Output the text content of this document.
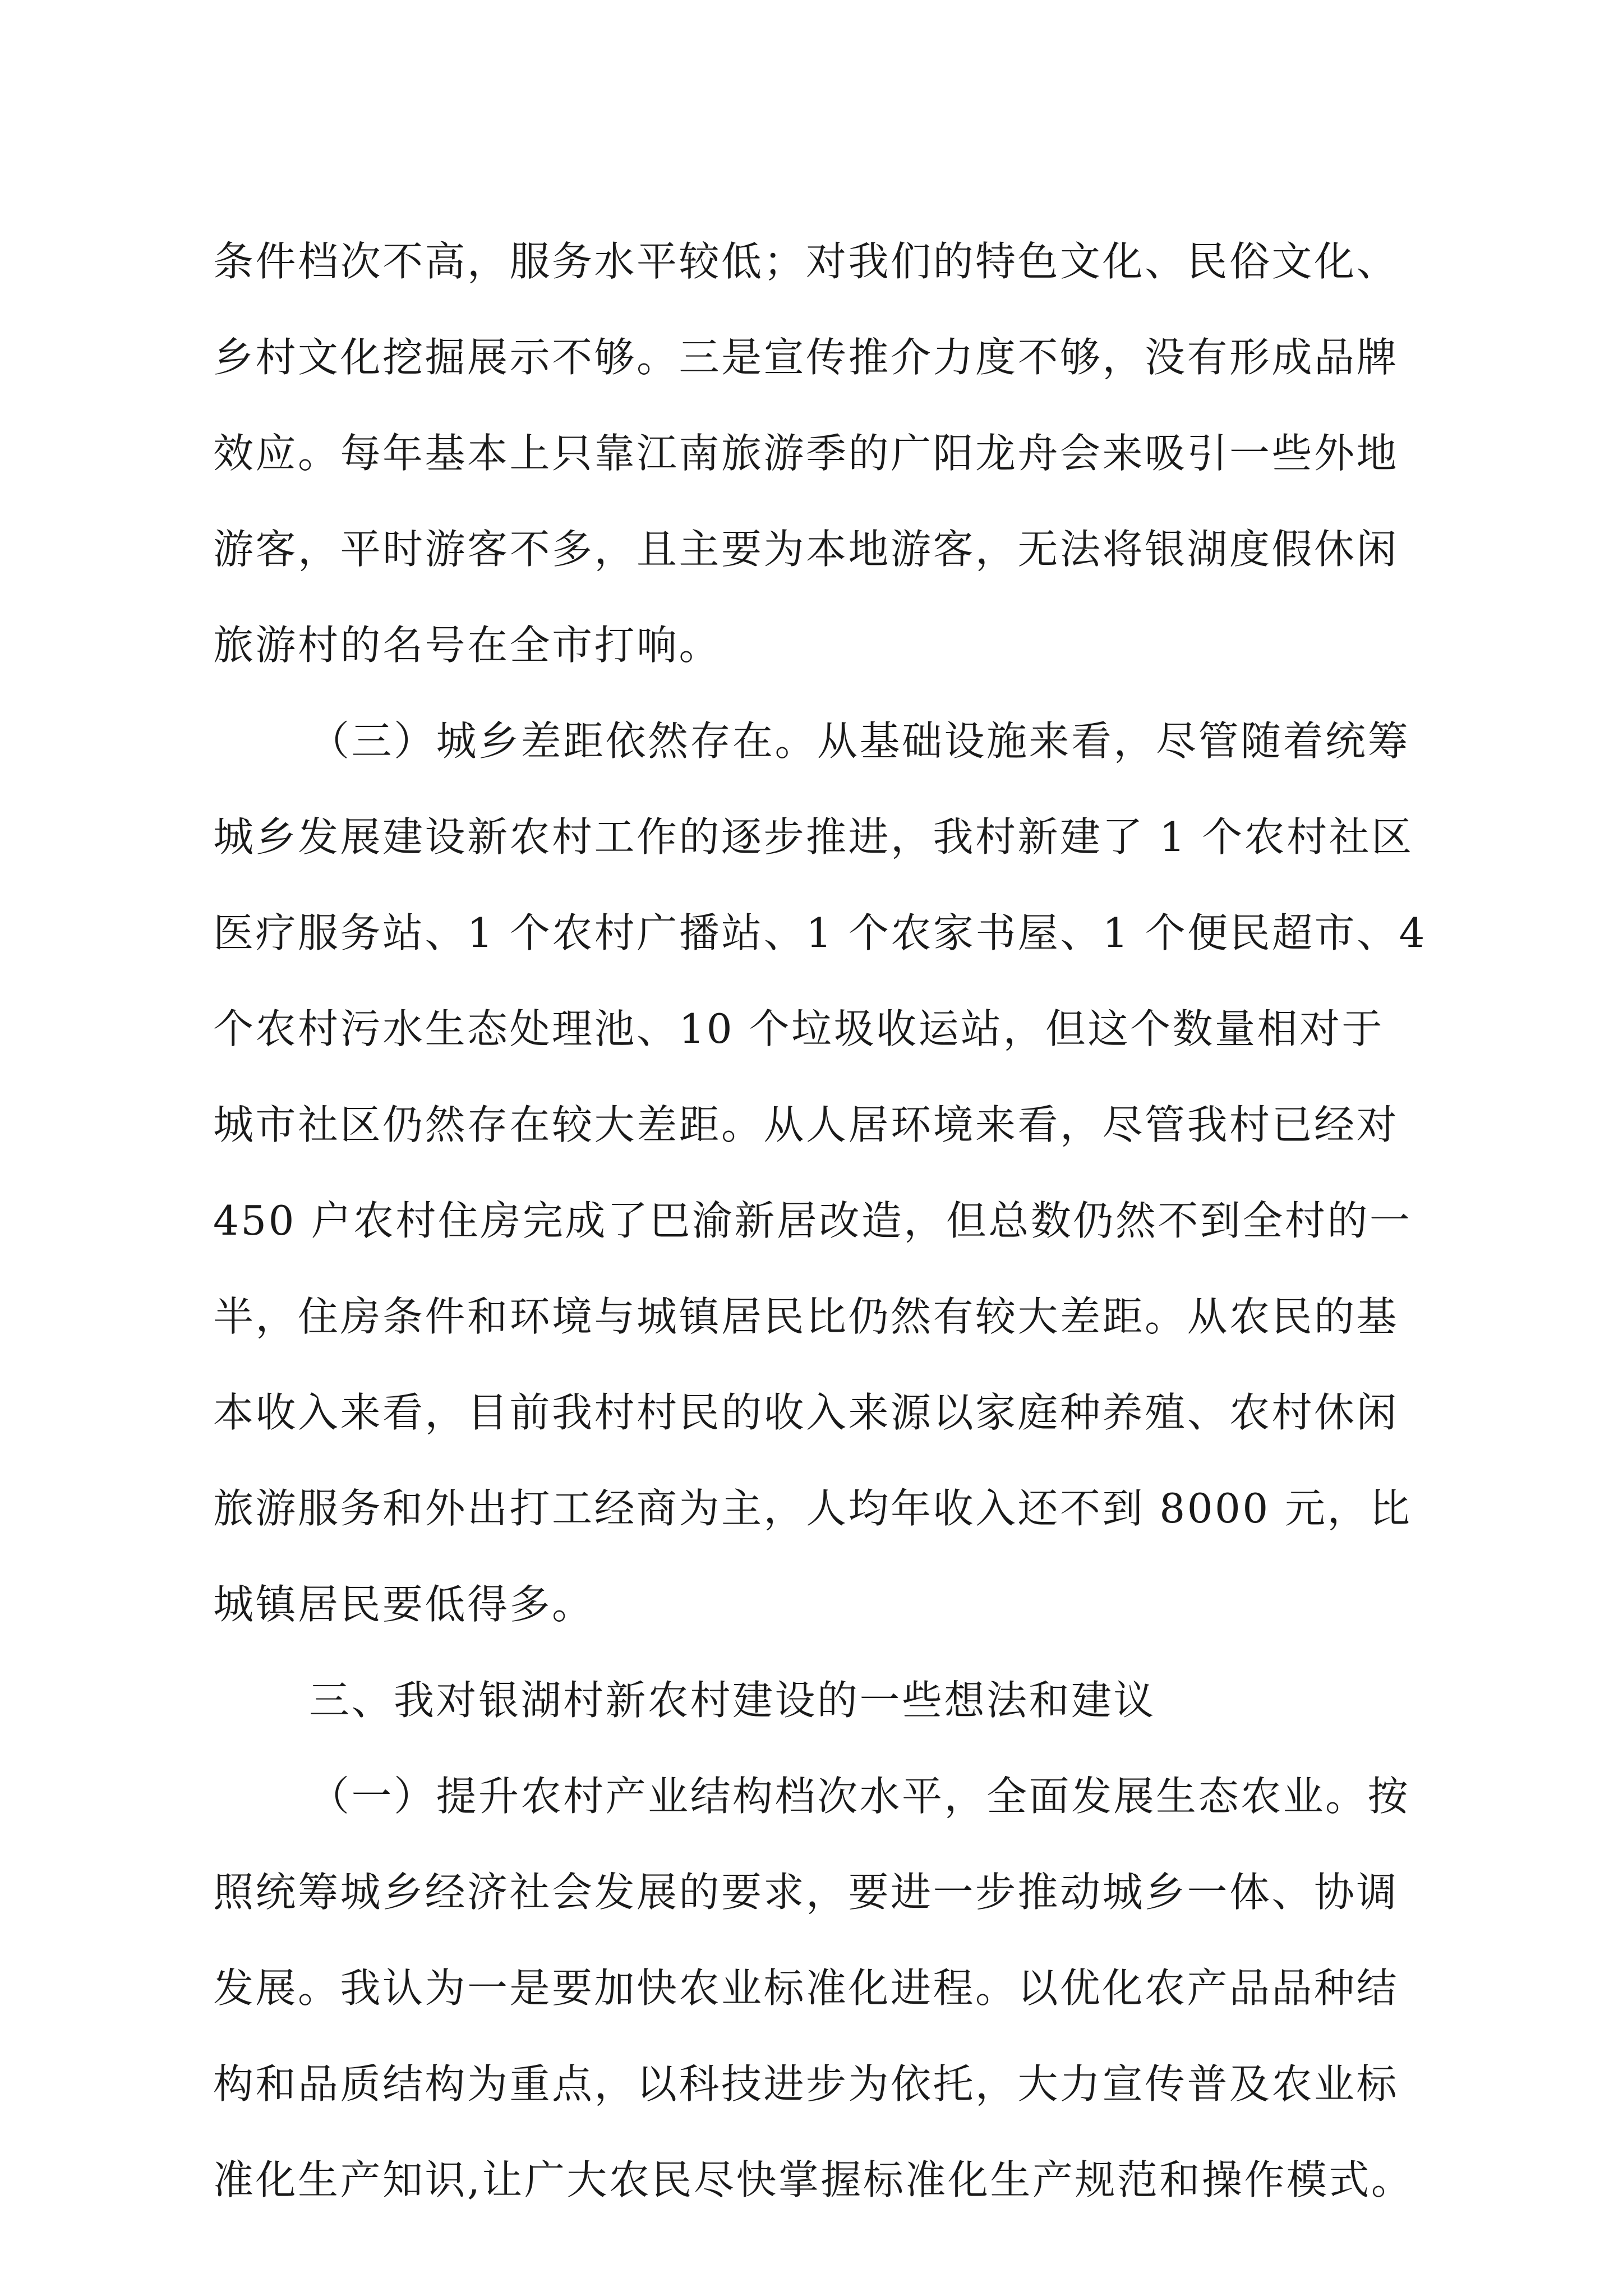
条件档次不高，服务水平较低；对我们的特色文化、民俗文化、
乡村文化挖掘展示不够。三是宣传推介力度不够，没有形成品牌
效应。每年基本上只靠江南旅游季的广阳龙舟会来吸引一些外地
游客，平时游客不多，且主要为本地游客，无法将银湖度假休闲
旅游村的名号在全市打响。
（三）城乡差距依然存在。从基础设施来看，尽管随着统筹
城乡发展建设新农村工作的逐步推进，我村新建了 1 个农村社区
医疗服务站、1 个农村广播站、1 个农家书屋、1 个便民超市、4
个农村污水生态处理池、10 个垃圾收运站，但这个数量相对于
城市社区仍然存在较大差距。从人居环境来看，尽管我村已经对
450 户农村住房完成了巴渝新居改造，但总数仍然不到全村的一
半，住房条件和环境与城镇居民比仍然有较大差距。从农民的基
本收入来看，目前我村村民的收入来源以家庭种养殖、农村休闲
旅游服务和外出打工经商为主，人均年收入还不到 8000 元，比
城镇居民要低得多。
三、我对银湖村新农村建设的一些想法和建议
（一）提升农村产业结构档次水平，全面发展生态农业。按
照统筹城乡经济社会发展的要求，要进一步推动城乡一体、协调
发展。我认为一是要加快农业标准化进程。以优化农产品品种结
构和品质结构为重点，以科技进步为依托，大力宣传普及农业标
准化生产知识,让广大农民尽快掌握标准化生产规范和操作模式。
